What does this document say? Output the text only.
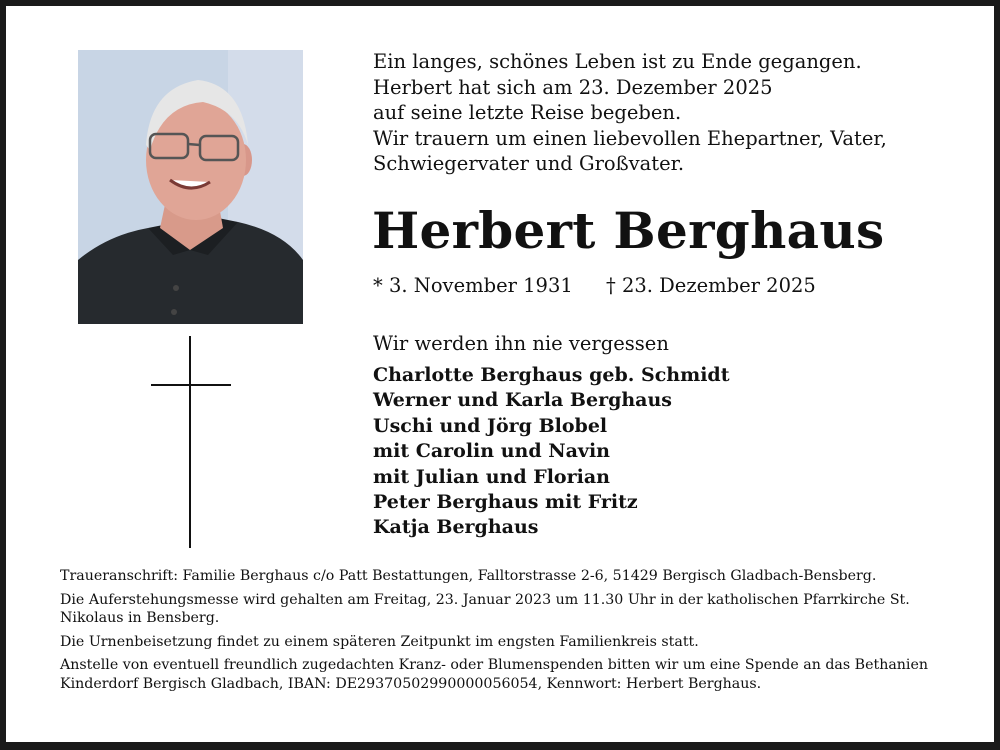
Ein langes, schönes Leben ist zu Ende gegangen.
Herbert hat sich am 23. Dezember 2025
auf seine letzte Reise begeben.
Wir trauern um einen liebevollen Ehepartner, Vater,
Schwiegervater und Großvater.
Herbert Berghaus
* 3. November 1931 † 23. Dezember 2025
Wir werden ihn nie vergessen
Charlotte Berghaus geb. Schmidt
Werner und Karla Berghaus
Uschi und Jörg Blobel
mit Carolin und Navin
mit Julian und Florian
Peter Berghaus mit Fritz
Katja Berghaus

Traueranschrift: Familie Berghaus c/o Patt Bestattungen, Falltorstrasse 2-6, 51429 Bergisch Gladbach-Bensberg.

Die Auferstehungsmesse wird gehalten am Freitag, 23. Januar 2023 um 11.30 Uhr in der katholischen Pfarrkirche St. Nikolaus in Bensberg.

Die Urnenbeisetzung findet zu einem späteren Zeitpunkt im engsten Familienkreis statt.

Anstelle von eventuell freundlich zugedachten Kranz- oder Blumenspenden bitten wir um eine Spende an das Bethanien Kinderdorf Bergisch Gladbach, IBAN: DE29370502990000056054, Kennwort: Herbert Berghaus.
